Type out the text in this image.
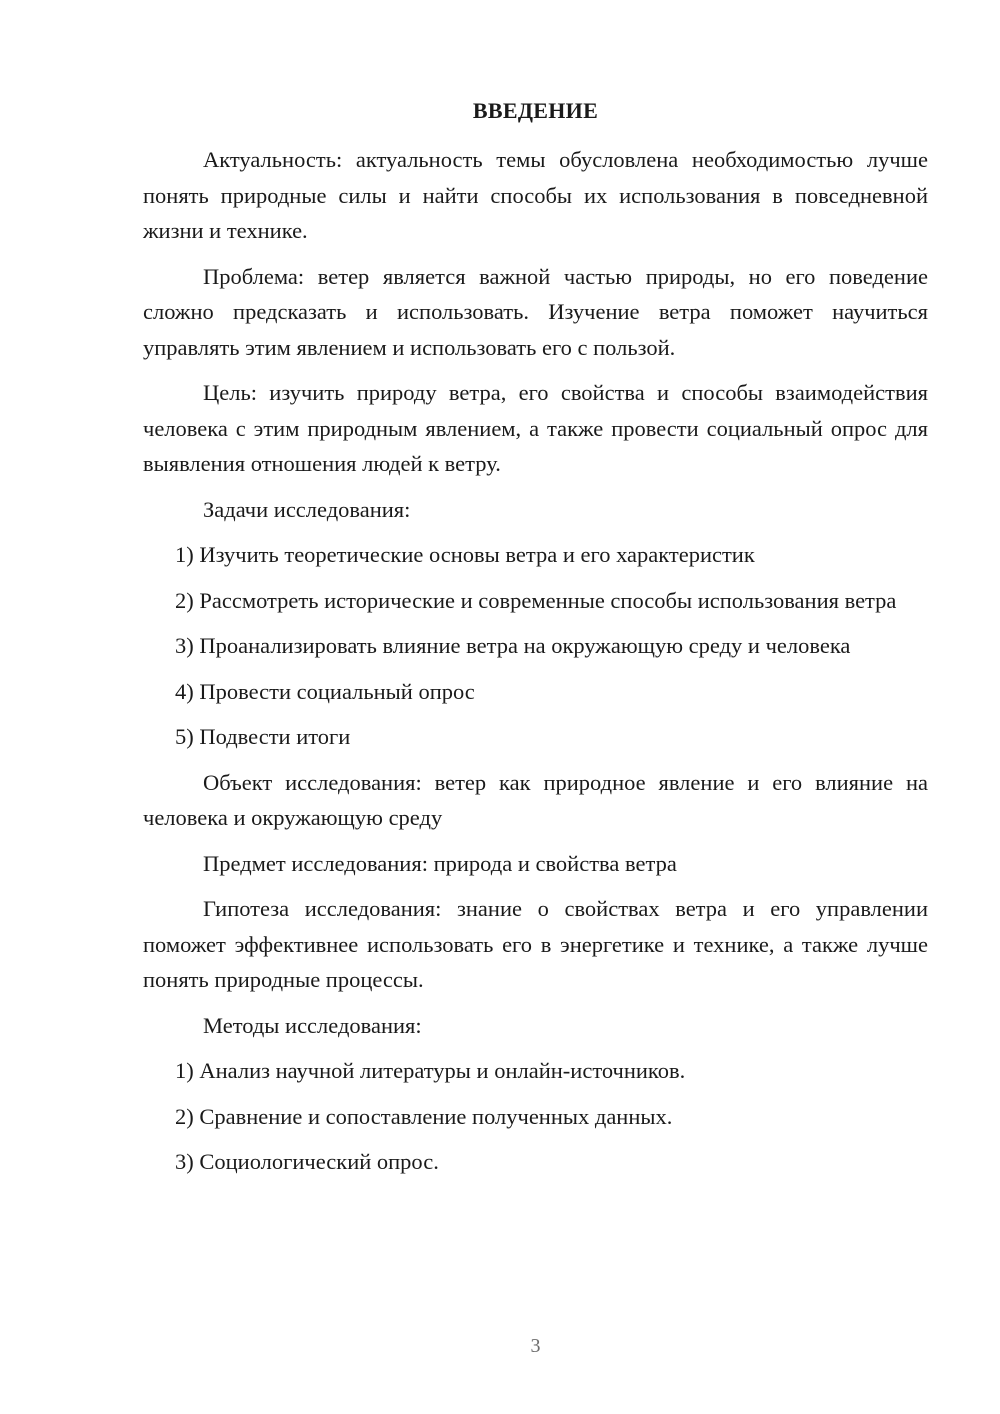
ВВЕДЕНИЕ

Актуальность: актуальность темы обусловлена необходимостью лучше понять природные силы и найти способы их использования в повседневной жизни и технике.

Проблема: ветер является важной частью природы, но его поведение сложно предсказать и использовать. Изучение ветра поможет научиться управлять этим явлением и использовать его с пользой.

Цель: изучить природу ветра, его свойства и способы взаимодействия человека с этим природным явлением, а также провести социальный опрос для выявления отношения людей к ветру.

Задачи исследования:

1) Изучить теоретические основы ветра и его характеристик

2) Рассмотреть исторические и современные способы использования ветра

3) Проанализировать влияние ветра на окружающую среду и человека

4) Провести социальный опрос

5) Подвести итоги

Объект исследования: ветер как природное явление и его влияние на человека и окружающую среду

Предмет исследования: природа и свойства ветра

Гипотеза исследования: знание о свойствах ветра и его управлении поможет эффективнее использовать его в энергетике и технике, а также лучше понять природные процессы.

Методы исследования:

1) Анализ научной литературы и онлайн-источников.

2) Сравнение и сопоставление полученных данных.

3) Социологический опрос.

3
